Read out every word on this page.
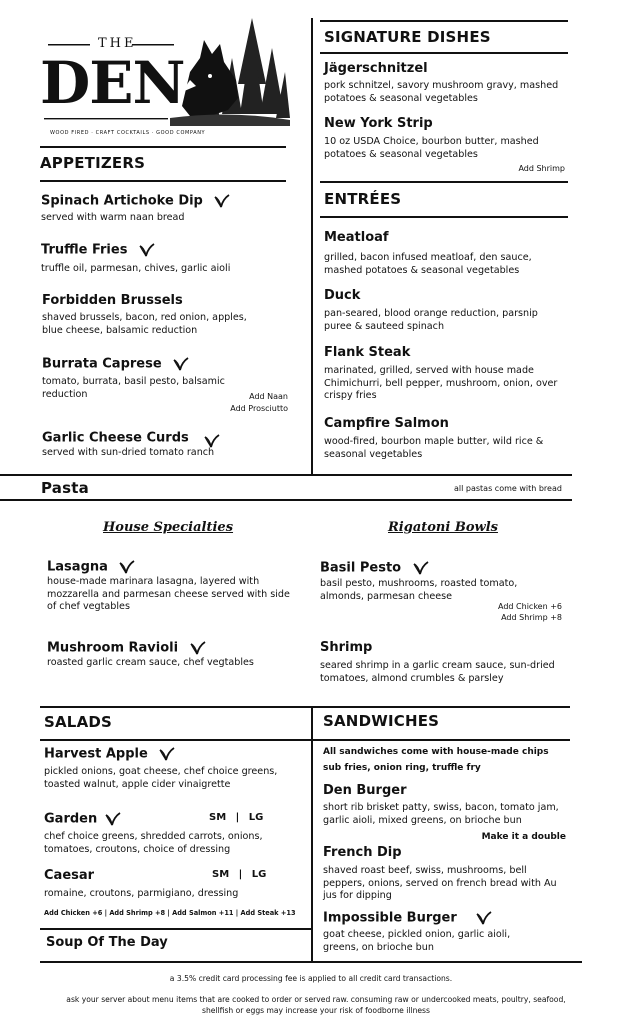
THE
DEN
WOOD FIRED · CRAFT COCKTAILS · GOOD COMPANY
APPETIZERS
Spinach Artichoke Dip
served with warm naan bread
Truffle Fries
truffle oil, parmesan, chives, garlic aioli
Forbidden Brussels
shaved brussels, bacon, red onion, apples, blue cheese, balsamic reduction
Burrata Caprese
tomato, burrata, basil pesto, balsamic reduction	Add Naan
Add Prosciutto
Garlic Cheese Curds
served with sun-dried tomato ranch
SIGNATURE DISHES
Jägerschnitzel
pork schnitzel, savory mushroom gravy, mashed potatoes & seasonal vegetables
New York Strip
10 oz USDA Choice, bourbon butter, mashed potatoes & seasonal vegetables
Add Shrimp
ENTRÉES
Meatloaf
grilled, bacon infused meatloaf, den sauce, mashed potatoes & seasonal vegetables
Duck
pan-seared, blood orange reduction, parsnip puree & sauteed spinach
Flank Steak
marinated, grilled, served with house made Chimichurri, bell pepper, mushroom, onion, over crispy fries
Campfire Salmon
wood-fired, bourbon maple butter, wild rice & seasonal vegetables
Pasta	all pastas come with bread
House Specialties	Rigatoni Bowls
Lasagna
house-made marinara lasagna, layered with mozzarella and parmesan cheese served with side of chef vegtables
Mushroom Ravioli
roasted garlic cream sauce, chef vegtables
Basil Pesto
basil pesto, mushrooms, roasted tomato, almonds, parmesan cheese
Add Chicken +6
Add Shrimp +8
Shrimp
seared shrimp in a garlic cream sauce, sun-dried tomatoes, almond crumbles & parsley
SALADS
Harvest Apple
pickled onions, goat cheese, chef choice greens, toasted walnut, apple cider vinaigrette
Garden	SM | LG
chef choice greens, shredded carrots, onions, tomatoes, croutons, choice of dressing
Caesar	SM | LG
romaine, croutons, parmigiano, dressing
Add Chicken +6 | Add Shrimp +8 | Add Salmon +11 | Add Steak +13
Soup Of The Day
SANDWICHES
All sandwiches come with house-made chips
sub fries, onion ring, truffle fry
Den Burger
short rib brisket patty, swiss, bacon, tomato jam, garlic aioli, mixed greens, on brioche bun
Make it a double
French Dip
shaved roast beef, swiss, mushrooms, bell peppers, onions, served on french bread with Au jus for dipping
Impossible Burger
goat cheese, pickled onion, garlic aioli, greens, on brioche bun
a 3.5% credit card processing fee is applied to all credit card transactions.
ask your server about menu items that are cooked to order or served raw. consuming raw or undercooked meats, poultry, seafood, shellfish or eggs may increase your risk of foodborne illness
